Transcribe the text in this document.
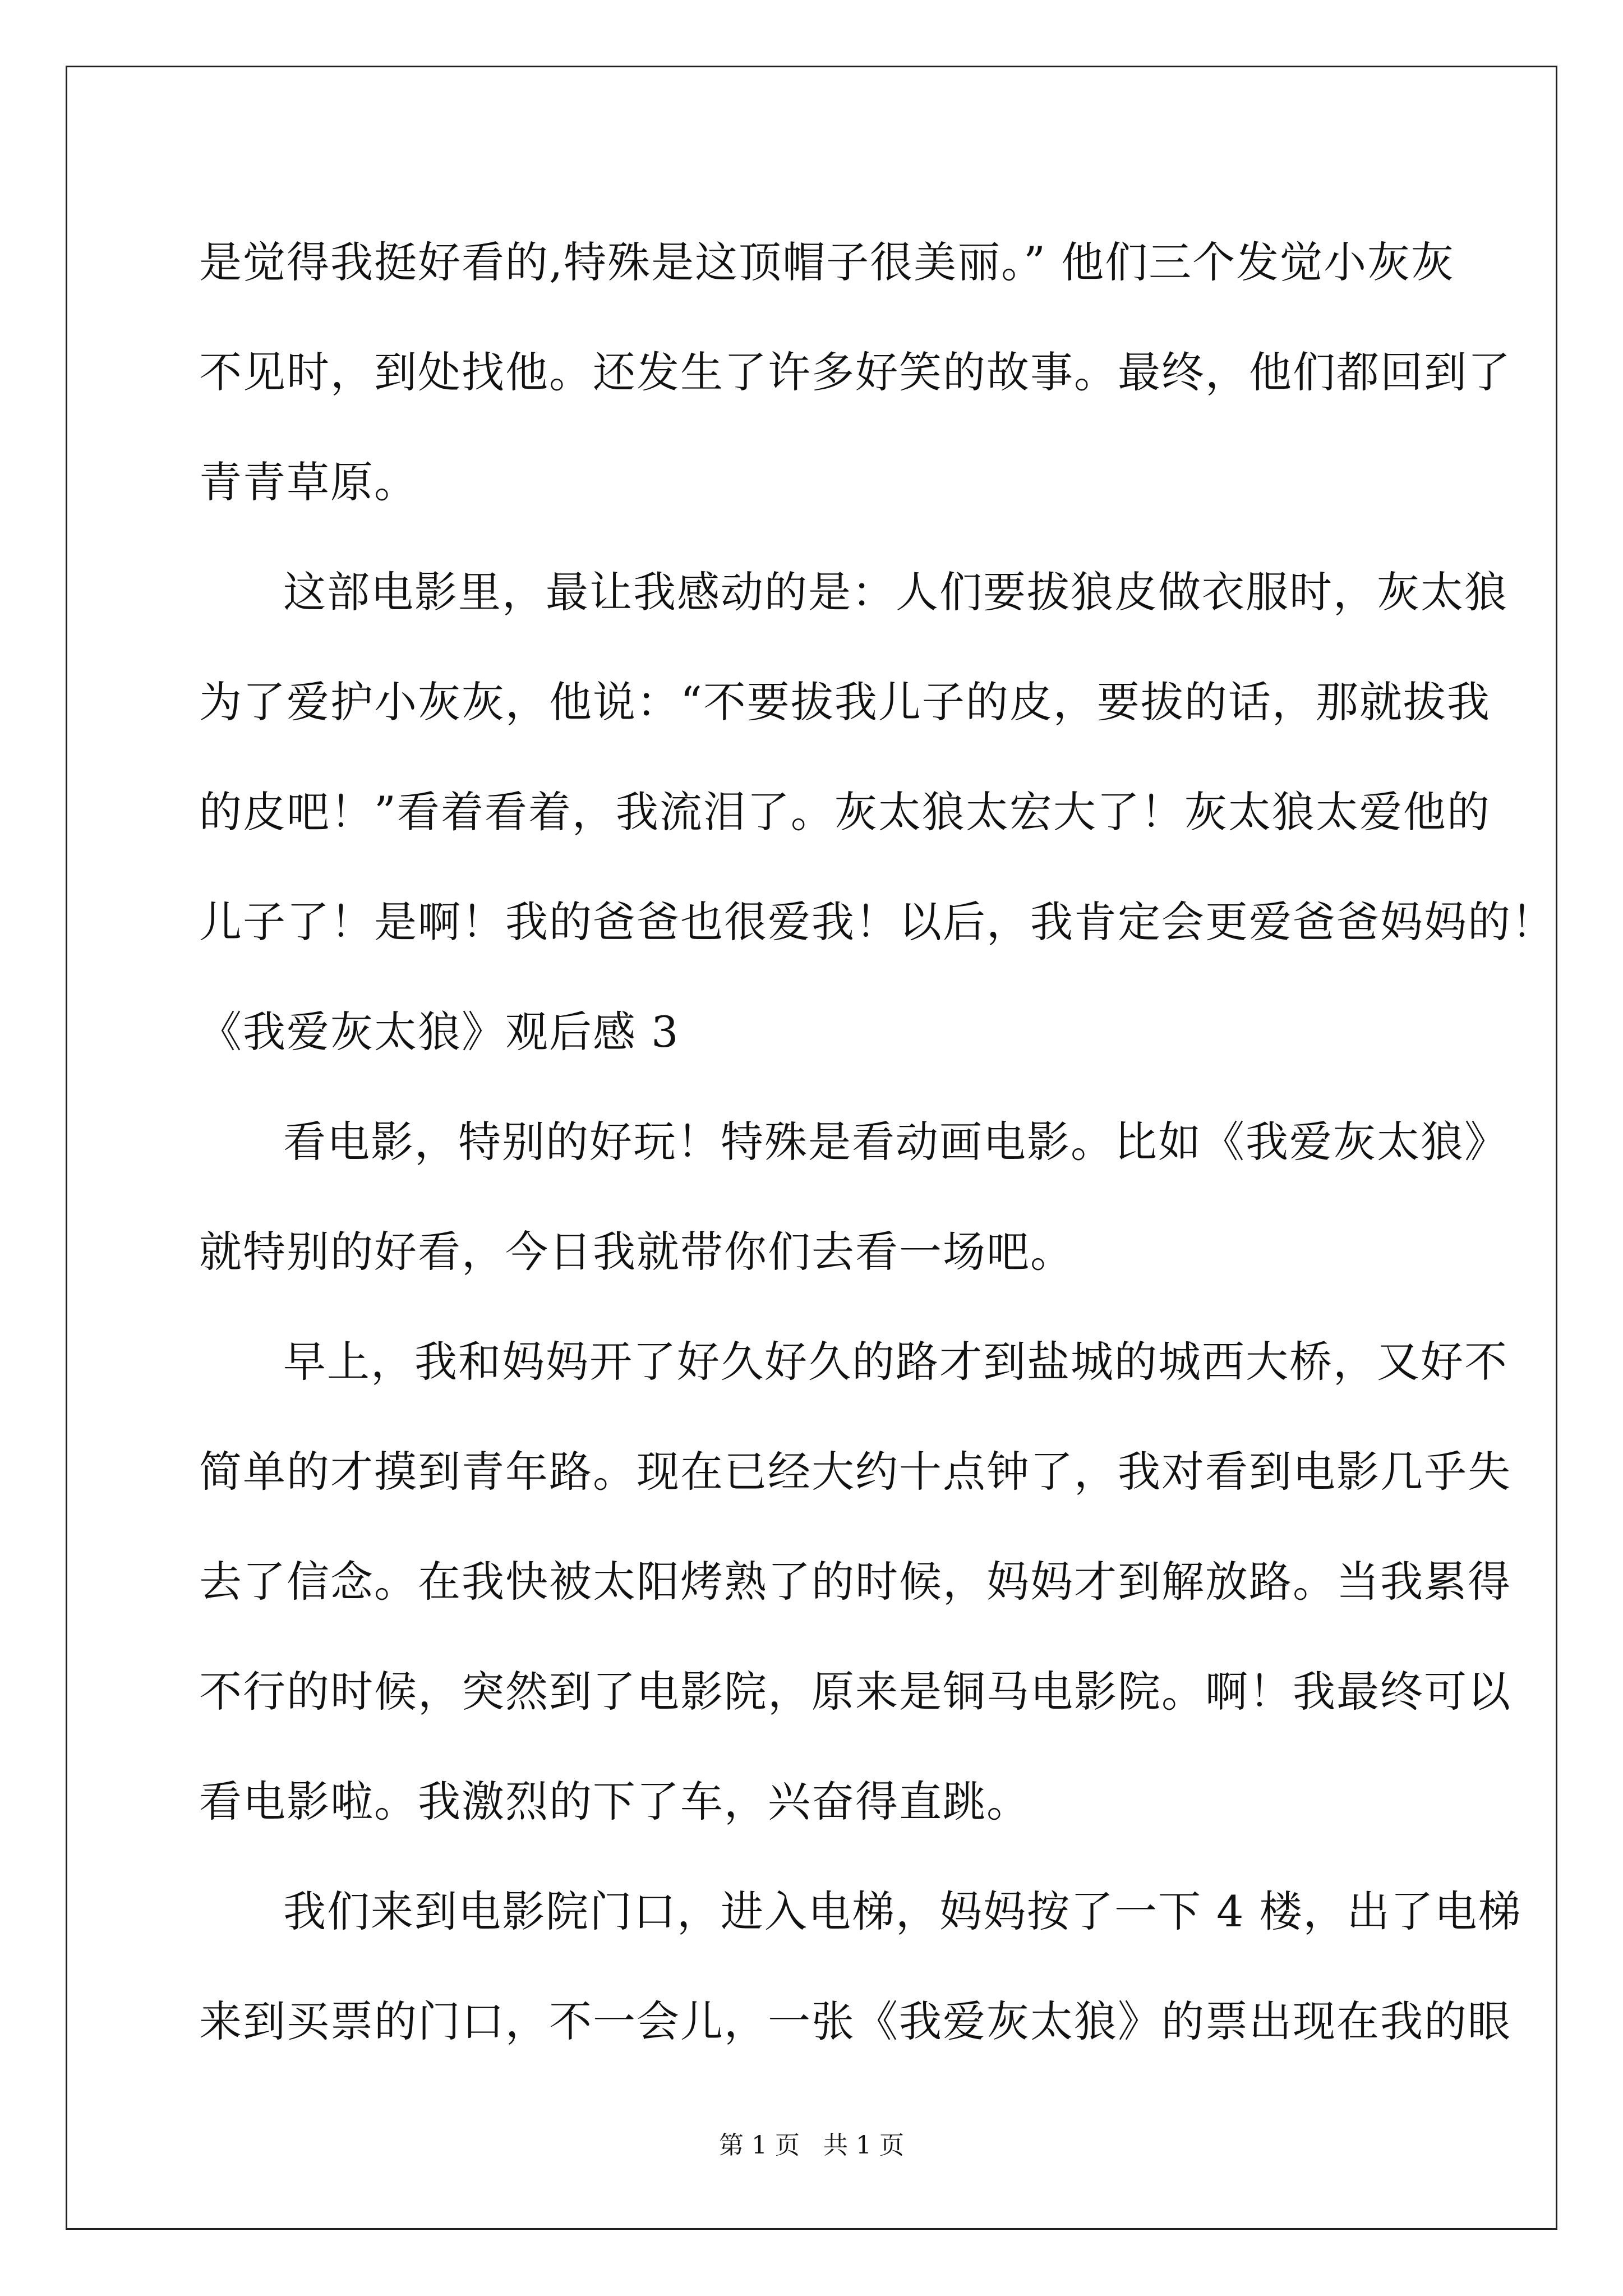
是觉得我挺好看的,特殊是这顶帽子很美丽。” 他们三个发觉小灰灰
不见时，到处找他。还发生了许多好笑的故事。最终，他们都回到了
青青草原。
这部电影里，最让我感动的是：人们要拔狼皮做衣服时，灰太狼
为了爱护小灰灰，他说：“不要拔我儿子的皮，要拔的话，那就拔我
的皮吧！”看着看着，我流泪了。灰太狼太宏大了！灰太狼太爱他的
儿子了！是啊！我的爸爸也很爱我！以后，我肯定会更爱爸爸妈妈的！
《我爱灰太狼》观后感 3
看电影，特别的好玩！特殊是看动画电影。比如《我爱灰太狼》
就特别的好看，今日我就带你们去看一场吧。
早上，我和妈妈开了好久好久的路才到盐城的城西大桥，又好不
简单的才摸到青年路。现在已经大约十点钟了，我对看到电影几乎失
去了信念。在我快被太阳烤熟了的时候，妈妈才到解放路。当我累得
不行的时候，突然到了电影院，原来是铜马电影院。啊！我最终可以
看电影啦。我激烈的下了车，兴奋得直跳。
我们来到电影院门口，进入电梯，妈妈按了一下 4 楼，出了电梯
来到买票的门口，不一会儿，一张《我爱灰太狼》的票出现在我的眼
第 1 页   共 1 页
